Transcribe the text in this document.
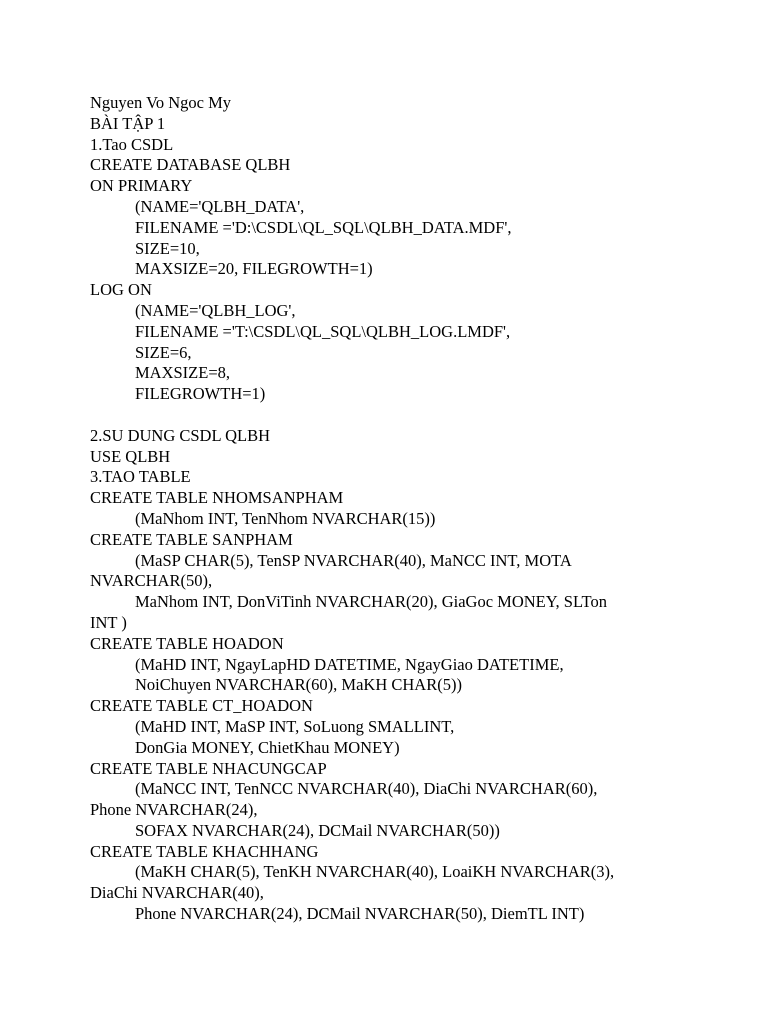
Nguyen Vo Ngoc My
BÀI TẬP 1
1.Tao CSDL
CREATE DATABASE QLBH
ON PRIMARY
(NAME='QLBH_DATA',
FILENAME ='D:\CSDL\QL_SQL\QLBH_DATA.MDF',
SIZE=10,
MAXSIZE=20, FILEGROWTH=1)
LOG ON
(NAME='QLBH_LOG',
FILENAME ='T:\CSDL\QL_SQL\QLBH_LOG.LMDF',
SIZE=6,
MAXSIZE=8,
FILEGROWTH=1)
2.SU DUNG CSDL QLBH
USE QLBH
3.TAO TABLE
CREATE TABLE NHOMSANPHAM
(MaNhom INT, TenNhom NVARCHAR(15))
CREATE TABLE SANPHAM
(MaSP CHAR(5), TenSP NVARCHAR(40), MaNCC INT, MOTA
NVARCHAR(50),
MaNhom INT, DonViTinh NVARCHAR(20), GiaGoc MONEY, SLTon
INT )
CREATE TABLE HOADON
(MaHD INT, NgayLapHD DATETIME, NgayGiao DATETIME,
NoiChuyen NVARCHAR(60), MaKH CHAR(5))
CREATE TABLE CT_HOADON
(MaHD INT, MaSP INT, SoLuong SMALLINT,
DonGia MONEY, ChietKhau MONEY)
CREATE TABLE NHACUNGCAP
(MaNCC INT, TenNCC NVARCHAR(40), DiaChi NVARCHAR(60),
Phone NVARCHAR(24),
SOFAX NVARCHAR(24), DCMail NVARCHAR(50))
CREATE TABLE KHACHHANG
(MaKH CHAR(5), TenKH NVARCHAR(40), LoaiKH NVARCHAR(3),
DiaChi NVARCHAR(40),
Phone NVARCHAR(24), DCMail NVARCHAR(50), DiemTL INT)
